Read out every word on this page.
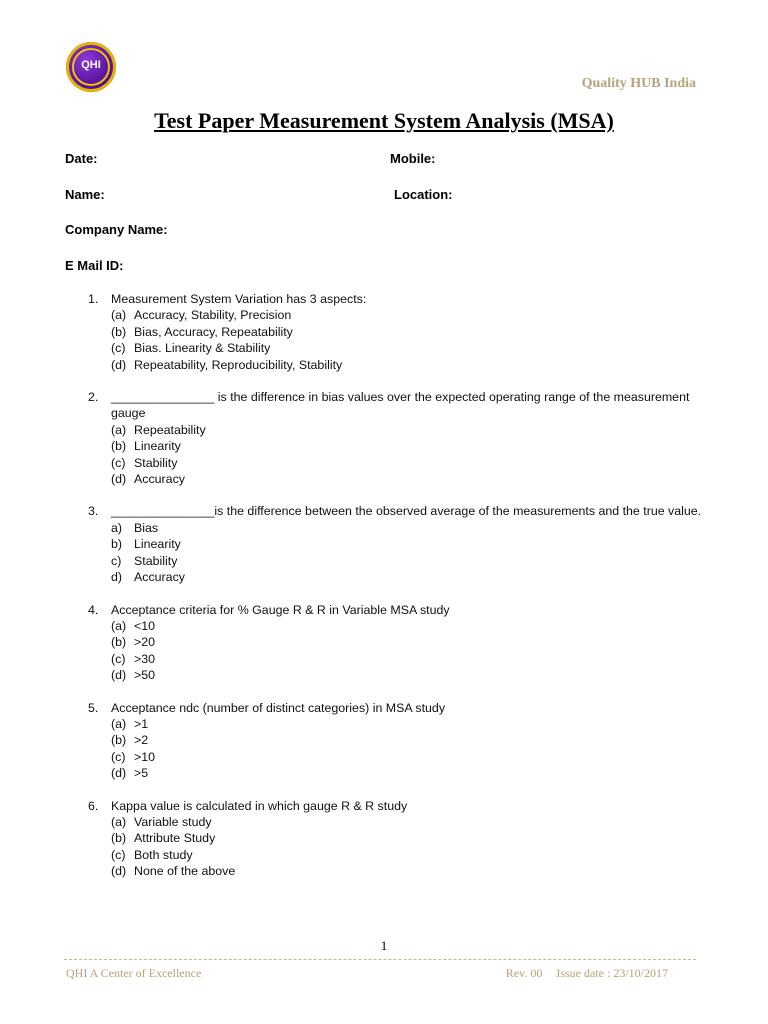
QHI
Quality HUB India
Test Paper Measurement System Analysis (MSA)
Date:	Mobile:
Name:	Location:
Company Name:
E Mail ID:
1. Measurement System Variation has 3 aspects:
(a) Accuracy, Stability, Precision
(b) Bias, Accuracy, Repeatability
(c) Bias. Linearity & Stability
(d) Repeatability, Reproducibility, Stability
2. _______________ is the difference in bias values over the expected operating range of the measurement gauge
(a) Repeatability
(b) Linearity
(c) Stability
(d) Accuracy
3. _______________is the difference between the observed average of the measurements and the true value.
a) Bias
b) Linearity
c) Stability
d) Accuracy
4. Acceptance criteria for % Gauge R & R in Variable MSA study
(a) <10
(b) >20
(c) >30
(d) >50
5. Acceptance ndc (number of distinct categories) in MSA study
(a) >1
(b) >2
(c) >10
(d) >5
6. Kappa value is calculated in which gauge R & R study
(a) Variable study
(b) Attribute Study
(c) Both study
(d) None of the above
1
QHI A Center of Excellence	Rev. 00 Issue date : 23/10/2017
